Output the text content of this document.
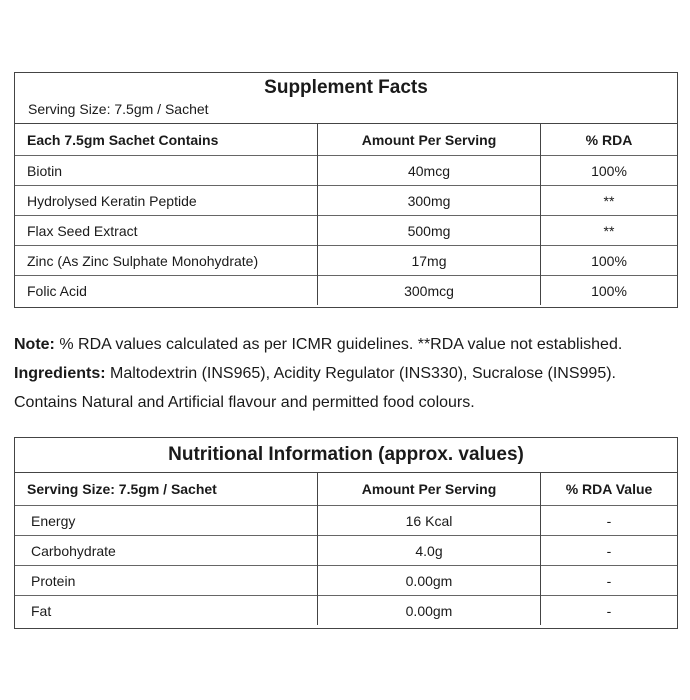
Supplement Facts
Serving Size: 7.5gm / Sachet
Each 7.5gm Sachet Contains	Amount Per Serving	% RDA
Biotin	40mcg	100%
Hydrolysed Keratin Peptide	300mg	**
Flax Seed Extract	500mg	**
Zinc (As Zinc Sulphate Monohydrate)	17mg	100%
Folic Acid	300mcg	100%

Note: % RDA values calculated as per ICMR guidelines. **RDA value not established.

Ingredients: Maltodextrin (INS965), Acidity Regulator (INS330), Sucralose (INS995).

Contains Natural and Artificial flavour and permitted food colours.

Nutritional Information (approx. values)
Serving Size: 7.5gm / Sachet	Amount Per Serving	% RDA Value
Energy	16 Kcal	-
Carbohydrate	4.0g	-
Protein	0.00gm	-
Fat	0.00gm	-
